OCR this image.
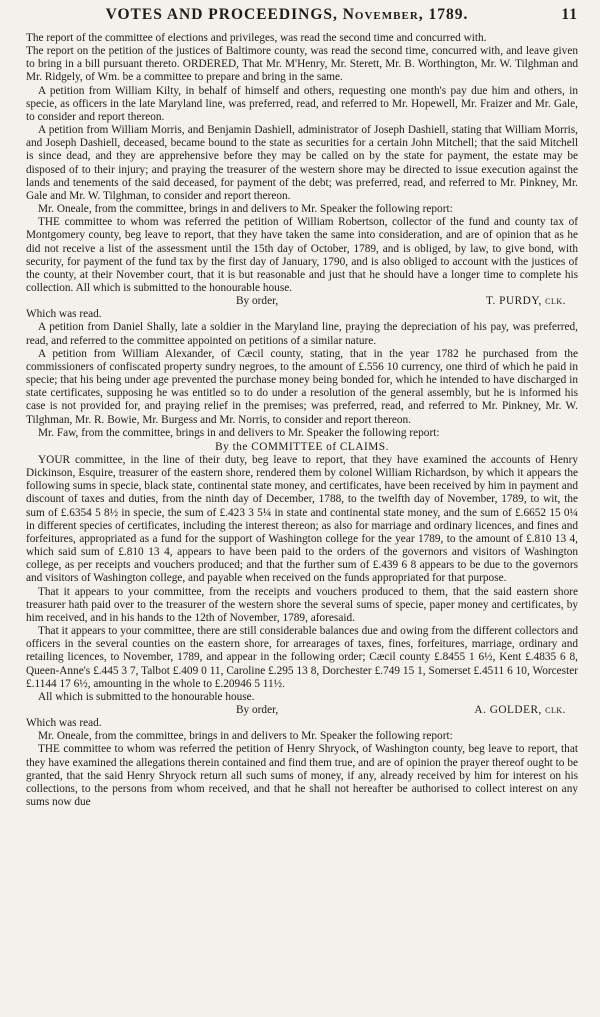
VOTES AND PROCEEDINGS, November, 1789.	11

The report of the committee of elections and privileges, was read the second time and concurred with.

The report on the petition of the justices of Baltimore county, was read the second time, concurred with, and leave given to bring in a bill pursuant thereto. ORDERED, That Mr. M'Henry, Mr. Sterett, Mr. B. Worthington, Mr. W. Tilghman and Mr. Ridgely, of Wm. be a committee to prepare and bring in the same.

A petition from William Kilty, in behalf of himself and others, requesting one month's pay due him and others, in specie, as officers in the late Maryland line, was preferred, read, and referred to Mr. Hopewell, Mr. Fraizer and Mr. Gale, to consider and report thereon.

A petition from William Morris, and Benjamin Dashiell, administrator of Joseph Dashiell, stating that William Morris, and Joseph Dashiell, deceased, became bound to the state as securities for a certain John Mitchell; that the said Mitchell is since dead, and they are apprehensive before they may be called on by the state for payment, the estate may be disposed of to their injury; and praying the treasurer of the western shore may be directed to issue execution against the lands and tenements of the said deceased, for payment of the debt; was preferred, read, and referred to Mr. Pinkney, Mr. Gale and Mr. W. Tilghman, to consider and report thereon.

Mr. Oneale, from the committee, brings in and delivers to Mr. Speaker the following report:

THE committee to whom was referred the petition of William Robertson, collector of the fund and county tax of Montgomery county, beg leave to report, that they have taken the same into consideration, and are of opinion that as he did not receive a list of the assessment until the 15th day of October, 1789, and is obliged, by law, to give bond, with security, for payment of the fund tax by the first day of January, 1790, and is also obliged to account with the justices of the county, at their November court, that it is but reasonable and just that he should have a longer time to complete his collection. All which is submitted to the honourable house.

By order,	T. PURDY, clk.

Which was read.

A petition from Daniel Shally, late a soldier in the Maryland line, praying the depreciation of his pay, was preferred, read, and referred to the committee appointed on petitions of a similar nature.

A petition from William Alexander, of Cæcil county, stating, that in the year 1782 he purchased from the commissioners of confiscated property sundry negroes, to the amount of £.556 10 currency, one third of which he paid in specie; that his being under age prevented the purchase money being bonded for, which he intended to have discharged in state certificates, supposing he was entitled so to do under a resolution of the general assembly, but he is informed his case is not provided for, and praying relief in the premises; was preferred, read, and referred to Mr. Pinkney, Mr. W. Tilghman, Mr. R. Bowie, Mr. Burgess and Mr. Norris, to consider and report thereon.

Mr. Faw, from the committee, brings in and delivers to Mr. Speaker the following report:

By the COMMITTEE of CLAIMS.

YOUR committee, in the line of their duty, beg leave to report, that they have examined the accounts of Henry Dickinson, Esquire, treasurer of the eastern shore, rendered them by colonel William Richardson, by which it appears the following sums in specie, black state, continental state money, and certificates, have been received by him in payment and discount of taxes and duties, from the ninth day of December, 1788, to the twelfth day of November, 1789, to wit, the sum of £.6354 5 8½ in specie, the sum of £.423 3 5¼ in state and continental state money, and the sum of £.6652 15 0¼ in different species of certificates, including the interest thereon; as also for marriage and ordinary licences, and fines and forfeitures, appropriated as a fund for the support of Washington college for the year 1789, to the amount of £.810 13 4, which said sum of £.810 13 4, appears to have been paid to the orders of the governors and visitors of Washington college, as per receipts and vouchers produced; and that the further sum of £.439 6 8 appears to be due to the governors and visitors of Washington college, and payable when received on the funds appropriated for that purpose.

That it appears to your committee, from the receipts and vouchers produced to them, that the said eastern shore treasurer hath paid over to the treasurer of the western shore the several sums of specie, paper money and certificates, by him received, and in his hands to the 12th of November, 1789, aforesaid.

That it appears to your committee, there are still considerable balances due and owing from the different collectors and officers in the several counties on the eastern shore, for arrearages of taxes, fines, forfeitures, marriage, ordinary and retailing licences, to November, 1789, and appear in the following order; Cæcil county £.8455 1 6½, Kent £.4835 6 8, Queen-Anne's £.445 3 7, Talbot £.409 0 11, Caroline £.295 13 8, Dorchester £.749 15 1, Somerset £.4511 6 10, Worcester £.1144 17 6½, amounting in the whole to £.20946 5 11½.

All which is submitted to the honourable house.

By order,	A. GOLDER, clk.

Which was read.

Mr. Oneale, from the committee, brings in and delivers to Mr. Speaker the following report:

THE committee to whom was referred the petition of Henry Shryock, of Washington county, beg leave to report, that they have examined the allegations therein contained and find them true, and are of opinion the prayer thereof ought to be granted, that the said Henry Shryock return all such sums of money, if any, already received by him for interest on his collections, to the persons from whom received, and that he shall not hereafter be authorised to collect interest on any sums now due
